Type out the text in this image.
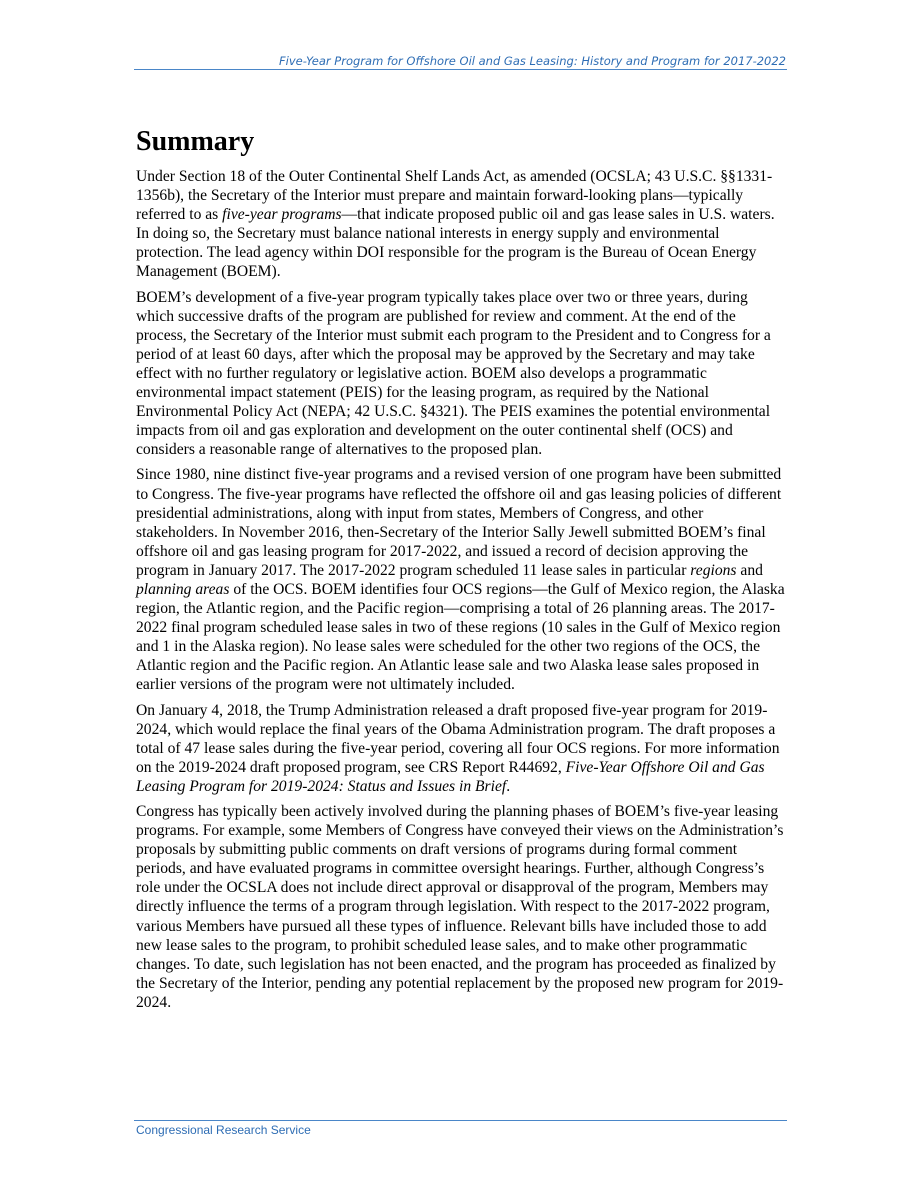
Five-Year Program for Offshore Oil and Gas Leasing: History and Program for 2017-2022
Summary

Under Section 18 of the Outer Continental Shelf Lands Act, as amended (OCSLA; 43 U.S.C. §§1331-1356b), the Secretary of the Interior must prepare and maintain forward-looking plans—typically referred to as five-year programs—that indicate proposed public oil and gas lease sales in U.S. waters. In doing so, the Secretary must balance national interests in energy supply and environmental protection. The lead agency within DOI responsible for the program is the Bureau of Ocean Energy Management (BOEM).

BOEM’s development of a five-year program typically takes place over two or three years, during which successive drafts of the program are published for review and comment. At the end of the process, the Secretary of the Interior must submit each program to the President and to Congress for a period of at least 60 days, after which the proposal may be approved by the Secretary and may take effect with no further regulatory or legislative action. BOEM also develops a programmatic environmental impact statement (PEIS) for the leasing program, as required by the National Environmental Policy Act (NEPA; 42 U.S.C. §4321). The PEIS examines the potential environmental impacts from oil and gas exploration and development on the outer continental shelf (OCS) and considers a reasonable range of alternatives to the proposed plan.

Since 1980, nine distinct five-year programs and a revised version of one program have been submitted to Congress. The five-year programs have reflected the offshore oil and gas leasing policies of different presidential administrations, along with input from states, Members of Congress, and other stakeholders. In November 2016, then-Secretary of the Interior Sally Jewell submitted BOEM’s final offshore oil and gas leasing program for 2017-2022, and issued a record of decision approving the program in January 2017. The 2017-2022 program scheduled 11 lease sales in particular regions and planning areas of the OCS. BOEM identifies four OCS regions—the Gulf of Mexico region, the Alaska region, the Atlantic region, and the Pacific region—comprising a total of 26 planning areas. The 2017-2022 final program scheduled lease sales in two of these regions (10 sales in the Gulf of Mexico region and 1 in the Alaska region). No lease sales were scheduled for the other two regions of the OCS, the Atlantic region and the Pacific region. An Atlantic lease sale and two Alaska lease sales proposed in earlier versions of the program were not ultimately included.

On January 4, 2018, the Trump Administration released a draft proposed five-year program for 2019-2024, which would replace the final years of the Obama Administration program. The draft proposes a total of 47 lease sales during the five-year period, covering all four OCS regions. For more information on the 2019-2024 draft proposed program, see CRS Report R44692, Five-Year Offshore Oil and Gas Leasing Program for 2019-2024: Status and Issues in Brief.

Congress has typically been actively involved during the planning phases of BOEM’s five-year leasing programs. For example, some Members of Congress have conveyed their views on the Administration’s proposals by submitting public comments on draft versions of programs during formal comment periods, and have evaluated programs in committee oversight hearings. Further, although Congress’s role under the OCSLA does not include direct approval or disapproval of the program, Members may directly influence the terms of a program through legislation. With respect to the 2017-2022 program, various Members have pursued all these types of influence. Relevant bills have included those to add new lease sales to the program, to prohibit scheduled lease sales, and to make other programmatic changes. To date, such legislation has not been enacted, and the program has proceeded as finalized by the Secretary of the Interior, pending any potential replacement by the proposed new program for 2019-2024.

Congressional Research Service
